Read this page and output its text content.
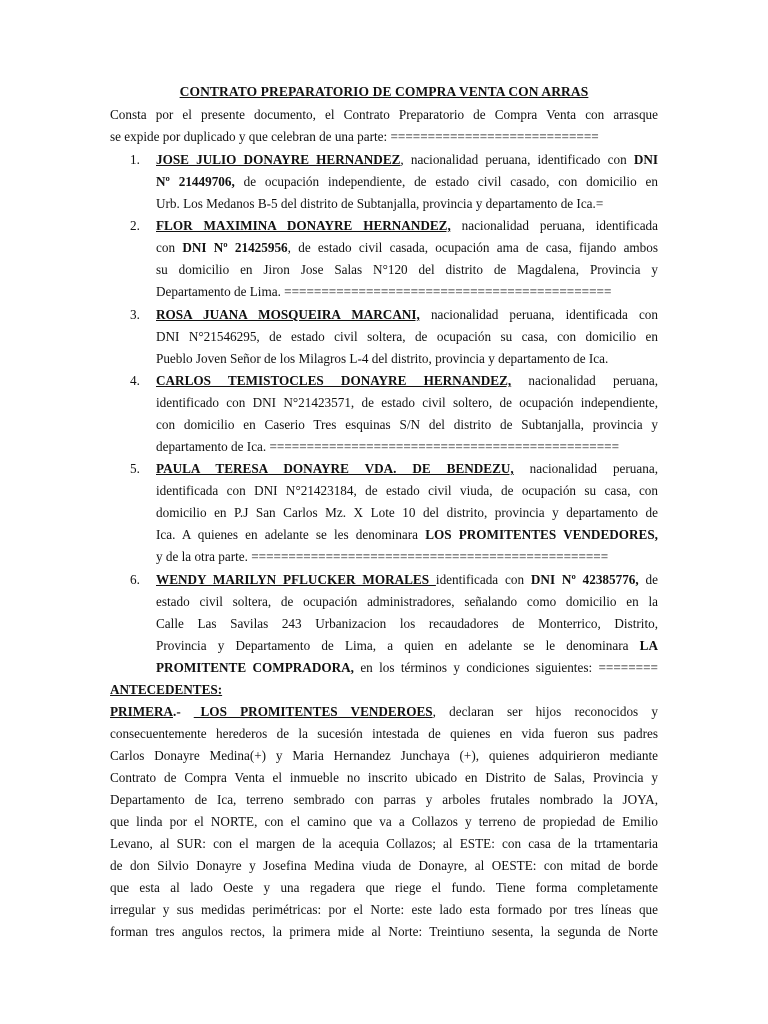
CONTRATO PREPARATORIO DE COMPRA VENTA CON ARRAS
Consta por el presente documento, el Contrato Preparatorio de Compra Venta con arrasque
se expide por duplicado y que celebran de una parte: ============================
1. JOSE JULIO DONAYRE HERNANDEZ, nacionalidad peruana, identificado con DNI
Nº 21449706, de ocupación independiente, de estado civil casado, con domicilio en
Urb. Los Medanos B-5 del distrito de Subtanjalla, provincia y departamento de Ica.=
2. FLOR MAXIMINA DONAYRE HERNANDEZ, nacionalidad peruana, identificada
con DNI Nº 21425956, de estado civil casada, ocupación ama de casa, fijando ambos
su domicilio en Jiron Jose Salas N°120 del distrito de Magdalena, Provincia y
Departamento de Lima. ============================================
3. ROSA JUANA MOSQUEIRA MARCANI, nacionalidad peruana, identificada con
DNI N°21546295, de estado civil soltera, de ocupación su casa, con domicilio en
Pueblo Joven Señor de los Milagros L-4 del distrito, provincia y departamento de Ica.
4. CARLOS TEMISTOCLES DONAYRE HERNANDEZ, nacionalidad peruana,
identificado con DNI N°21423571, de estado civil soltero, de ocupación independiente,
con domicilio en Caserio Tres esquinas S/N del distrito de Subtanjalla, provincia y
departamento de Ica. ===============================================
5. PAULA TERESA DONAYRE VDA. DE BENDEZU, nacionalidad peruana,
identificada con DNI N°21423184, de estado civil viuda, de ocupación su casa, con
domicilio en P.J San Carlos Mz. X Lote 10 del distrito, provincia y departamento de
Ica. A quienes en adelante se les denominara LOS PROMITENTES VENDEDORES,
y de la otra parte. ================================================
6. WENDY MARILYN PFLUCKER MORALES identificada con DNI Nº 42385776, de
estado civil soltera, de ocupación administradores, señalando como domicilio en la
Calle Las Savilas 243 Urbanizacion los recaudadores de Monterrico, Distrito,
Provincia y Departamento de Lima, a quien en adelante se le denominara LA
PROMITENTE COMPRADORA, en los términos y condiciones siguientes: ========
ANTECEDENTES:
PRIMERA.- _LOS PROMITENTES VENDEROES, declaran ser hijos reconocidos y
consecuentemente herederos de la sucesión intestada de quienes en vida fueron sus padres
Carlos Donayre Medina(+) y Maria Hernandez Junchaya (+), quienes adquirieron mediante
Contrato de Compra Venta el inmueble no inscrito ubicado en Distrito de Salas, Provincia y
Departamento de Ica, terreno sembrado con parras y arboles frutales nombrado la JOYA,
que linda por el NORTE, con el camino que va a Collazos y terreno de propiedad de Emilio
Levano, al SUR: con el margen de la acequia Collazos; al ESTE: con casa de la trtamentaria
de don Silvio Donayre y Josefina Medina viuda de Donayre, al OESTE: con mitad de borde
que esta al lado Oeste y una regadera que riege el fundo. Tiene forma completamente
irregular y sus medidas perimétricas: por el Norte: este lado esta formado por tres líneas que
forman tres angulos rectos, la primera mide al Norte: Treintiuno sesenta, la segunda de Norte
